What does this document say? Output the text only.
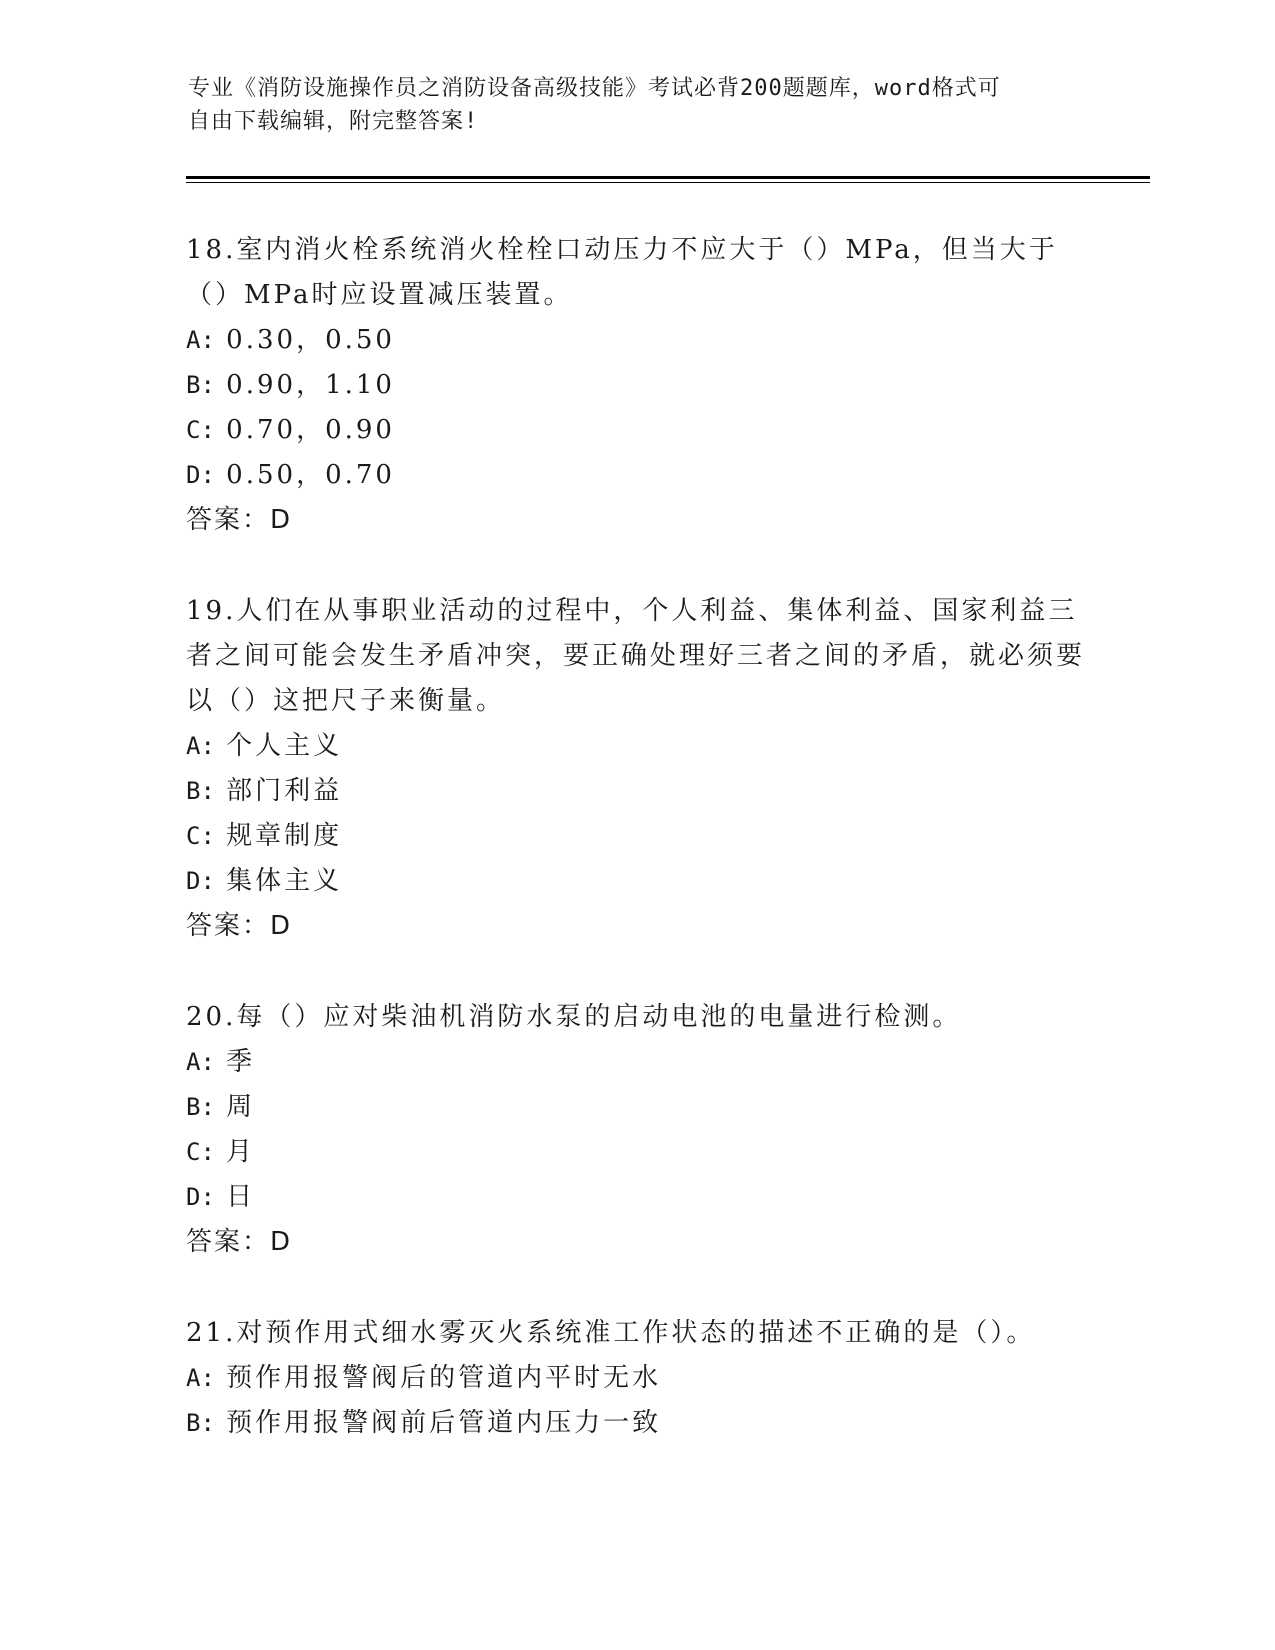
专业《消防设施操作员之消防设备高级技能》考试必背200题题库，word格式可
自由下载编辑，附完整答案!

18.室内消火栓系统消火栓栓口动压力不应大于（）MPa，但当大于（）MPa时应设置减压装置。

A: 0.30，0.50

B: 0.90，1.10

C: 0.70，0.90

D: 0.50，0.70

答案：D

19.人们在从事职业活动的过程中，个人利益、集体利益、国家利益三者之间可能会发生矛盾冲突，要正确处理好三者之间的矛盾，就必须要以（）这把尺子来衡量。

A: 个人主义

B: 部门利益

C: 规章制度

D: 集体主义

答案：D

20.每（）应对柴油机消防水泵的启动电池的电量进行检测。

A: 季

B: 周

C: 月

D: 日

答案：D

21.对预作用式细水雾灭火系统准工作状态的描述不正确的是（）。

A: 预作用报警阀后的管道内平时无水

B: 预作用报警阀前后管道内压力一致
